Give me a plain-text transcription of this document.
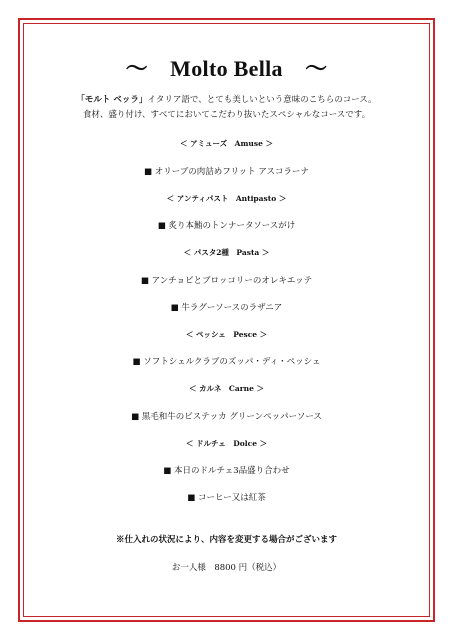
～　Molto Bella　～
「モルト ベッラ」イタリア語で、とても美しいという意味のこちらのコース。
食材、盛り付け、すべてにおいてこだわり抜いたスペシャルなコースです。
＜ アミューズ　Amuse ＞
■ オリーブの肉詰めフリット アスコラーナ
＜ アンティパスト　Antipasto ＞
■ 炙り本鮪のトンナータソースがけ
＜ パスタ2種　Pasta ＞
■ アンチョビとブロッコリーのオレキエッテ
■ 牛ラグーソースのラザニア
＜ ペッシェ　Pesce ＞
■ ソフトシェルクラブのズッパ・ディ・ペッシェ
＜ カルネ　Carne ＞
■ 黒毛和牛のビステッカ グリーンペッパーソース
＜ ドルチェ　Dolce ＞
■ 本日のドルチェ3品盛り合わせ
■ コーヒー又は紅茶
※仕入れの状況により、内容を変更する場合がございます
お一人様　8800 円（税込）
